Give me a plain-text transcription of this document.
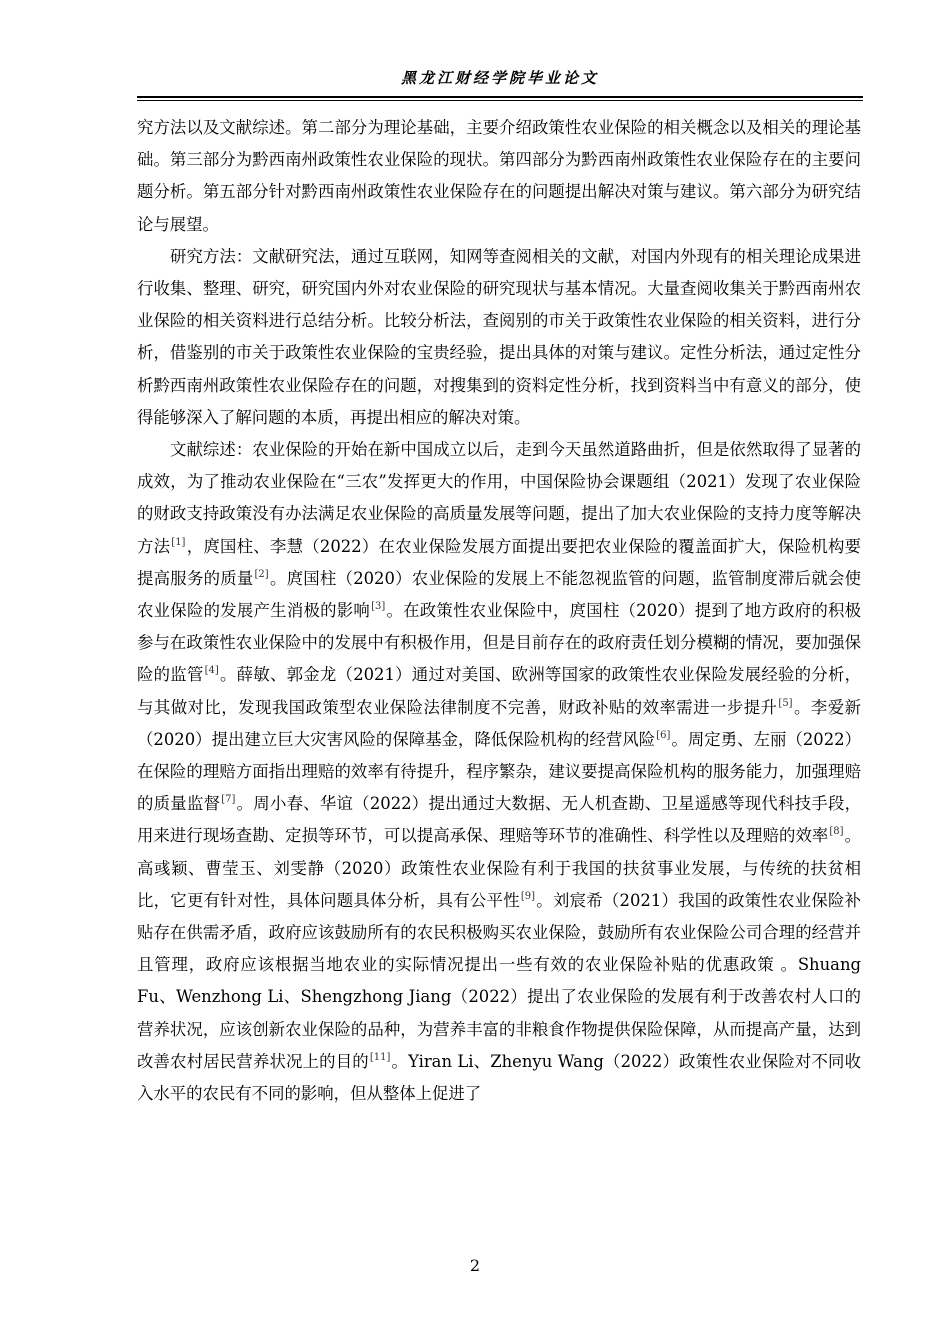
黑龙江财经学院毕业论文

究方法以及文献综述。第二部分为理论基础，主要介绍政策性农业保险的相关概念以及相关的理论基础。第三部分为黔西南州政策性农业保险的现状。第四部分为黔西南州政策性农业保险存在的主要问题分析。第五部分针对黔西南州政策性农业保险存在的问题提出解决对策与建议。第六部分为研究结论与展望。

研究方法：文献研究法，通过互联网，知网等查阅相关的文献，对国内外现有的相关理论成果进行收集、整理、研究，研究国内外对农业保险的研究现状与基本情况。大量查阅收集关于黔西南州农业保险的相关资料进行总结分析。比较分析法，查阅别的市关于政策性农业保险的相关资料，进行分析，借鉴别的市关于政策性农业保险的宝贵经验，提出具体的对策与建议。定性分析法，通过定性分析黔西南州政策性农业保险存在的问题，对搜集到的资料定性分析，找到资料当中有意义的部分，使得能够深入了解问题的本质，再提出相应的解决对策。

文献综述：农业保险的开始在新中国成立以后，走到今天虽然道路曲折，但是依然取得了显著的成效，为了推动农业保险在“三农”发挥更大的作用，中国保险协会课题组（2021）发现了农业保险的财政支持政策没有办法满足农业保险的高质量发展等问题，提出了加大农业保险的支持力度等解决方法[1]，庹国柱、李慧（2022）在农业保险发展方面提出要把农业保险的覆盖面扩大，保险机构要提高服务的质量[2]。庹国柱（2020）农业保险的发展上不能忽视监管的问题，监管制度滞后就会使农业保险的发展产生消极的影响[3]。在政策性农业保险中，庹国柱（2020）提到了地方政府的积极参与在政策性农业保险中的发展中有积极作用，但是目前存在的政府责任划分模糊的情况，要加强保险的监管[4]。薛敏、郭金龙（2021）通过对美国、欧洲等国家的政策性农业保险发展经验的分析，与其做对比，发现我国政策型农业保险法律制度不完善，财政补贴的效率需进一步提升[5]。李爱新（2020）提出建立巨大灾害风险的保障基金，降低保险机构的经营风险[6]。周定勇、左丽（2022）在保险的理赔方面指出理赔的效率有待提升，程序繁杂，建议要提高保险机构的服务能力，加强理赔的质量监督[7]。周小春、华谊（2022）提出通过大数据、无人机查勘、卫星遥感等现代科技手段，用来进行现场查勘、定损等环节，可以提高承保、理赔等环节的准确性、科学性以及理赔的效率[8]。高彧颖、曹莹玉、刘雯静（2020）政策性农业保险有利于我国的扶贫事业发展，与传统的扶贫相比，它更有针对性，具体问题具体分析，具有公平性[9]。刘宸希（2021）我国的政策性农业保险补贴存在供需矛盾，政府应该鼓励所有的农民积极购买农业保险，鼓励所有农业保险公司合理的经营并且管理，政府应该根据当地农业的实际情况提出一些有效的农业保险补贴的优惠政策 。Shuang Fu、Wenzhong Li、Shengzhong Jiang（2022）提出了农业保险的发展有利于改善农村人口的营养状况，应该创新农业保险的品种，为营养丰富的非粮食作物提供保险保障，从而提高产量，达到改善农村居民营养状况上的目的[11]。Yiran Li、Zhenyu Wang（2022）政策性农业保险对不同收入水平的农民有不同的影响，但从整体上促进了

2
